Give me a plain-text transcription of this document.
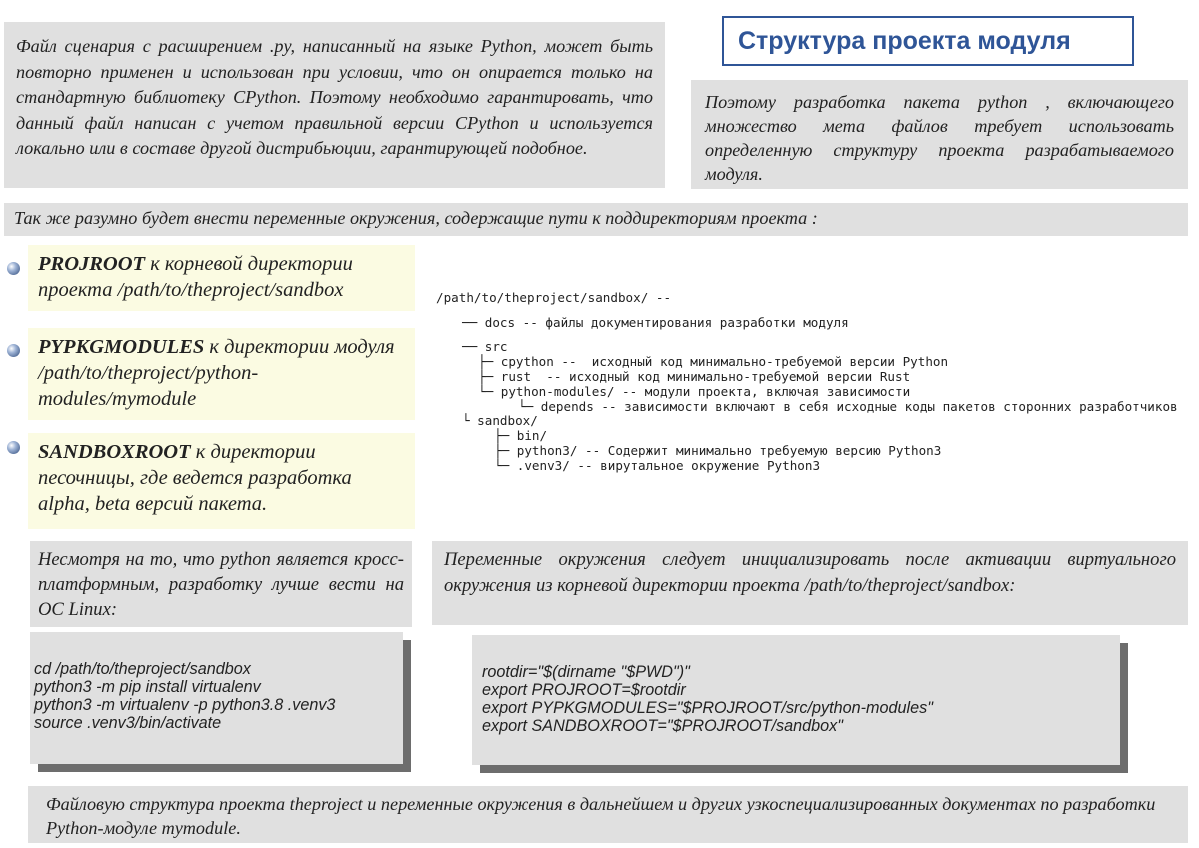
Файл сценария с расширением .py, написанный на языке Python, может быть повторно применен и использован при условии, что он опирается только на стандартную библиотеку CPython. Поэтому необходимо гарантировать, что данный файл написан с учетом правильной версии CPython и используется локально или в составе другой дистрибьюции, гарантирующей подобное.
Структура проекта модуля
Поэтому разработка пакета python , включающего множество мета файлов требует использовать определенную структуру проекта разрабатываемого модуля.
Так же разумно будет внести переменные окружения, содержащие пути к поддиректориям проекта :
PROJROOT к корневой директории проекта /path/to/theproject/sandbox
PYPKGMODULES к директории модуля /path/to/theproject/python-modules/mymodule
SANDBOXROOT к директории песочницы, где ведется разработка alpha, beta версий пакета.

/path/to/theproject/sandbox/ --
── docs -- файлы документирования разработки модуля
── src
├─ cpython --  исходный код минимально-требуемой версии Python
├─ rust  -- исходный код минимально-требуемой версии Rust
└─ python-modules/ -- модули проекта, включая зависимости
└─ depends -- зависимости включают в себя исходные коды пакетов сторонних разработчиков
└ sandbox/
├─ bin/
├─ python3/ -- Содержит минимально требуемую версию Python3
└─ .venv3/ -- вирутальное окружение Python3

Несмотря на то, что python является кросс-платформным, разработку лучше вести на ОС Linux:
Переменные окружения следует инициализировать после активации виртуального окружения из корневой директории проекта /path/to/theproject/sandbox:
cd /path/to/theproject/sandbox
python3 -m pip install virtualenv
python3 -m virtualenv -p python3.8 .venv3
source .venv3/bin/activate
rootdir="$(dirname "$PWD")"
export PROJROOT=$rootdir
export PYPKGMODULES="$PROJROOT/src/python-modules"
export SANDBOXROOT="$PROJROOT/sandbox"
Файловую структура проекта theproject и переменные окружения в дальнейшем и других узкоспециализированных документах по разработки Python-модуле mymodule.
